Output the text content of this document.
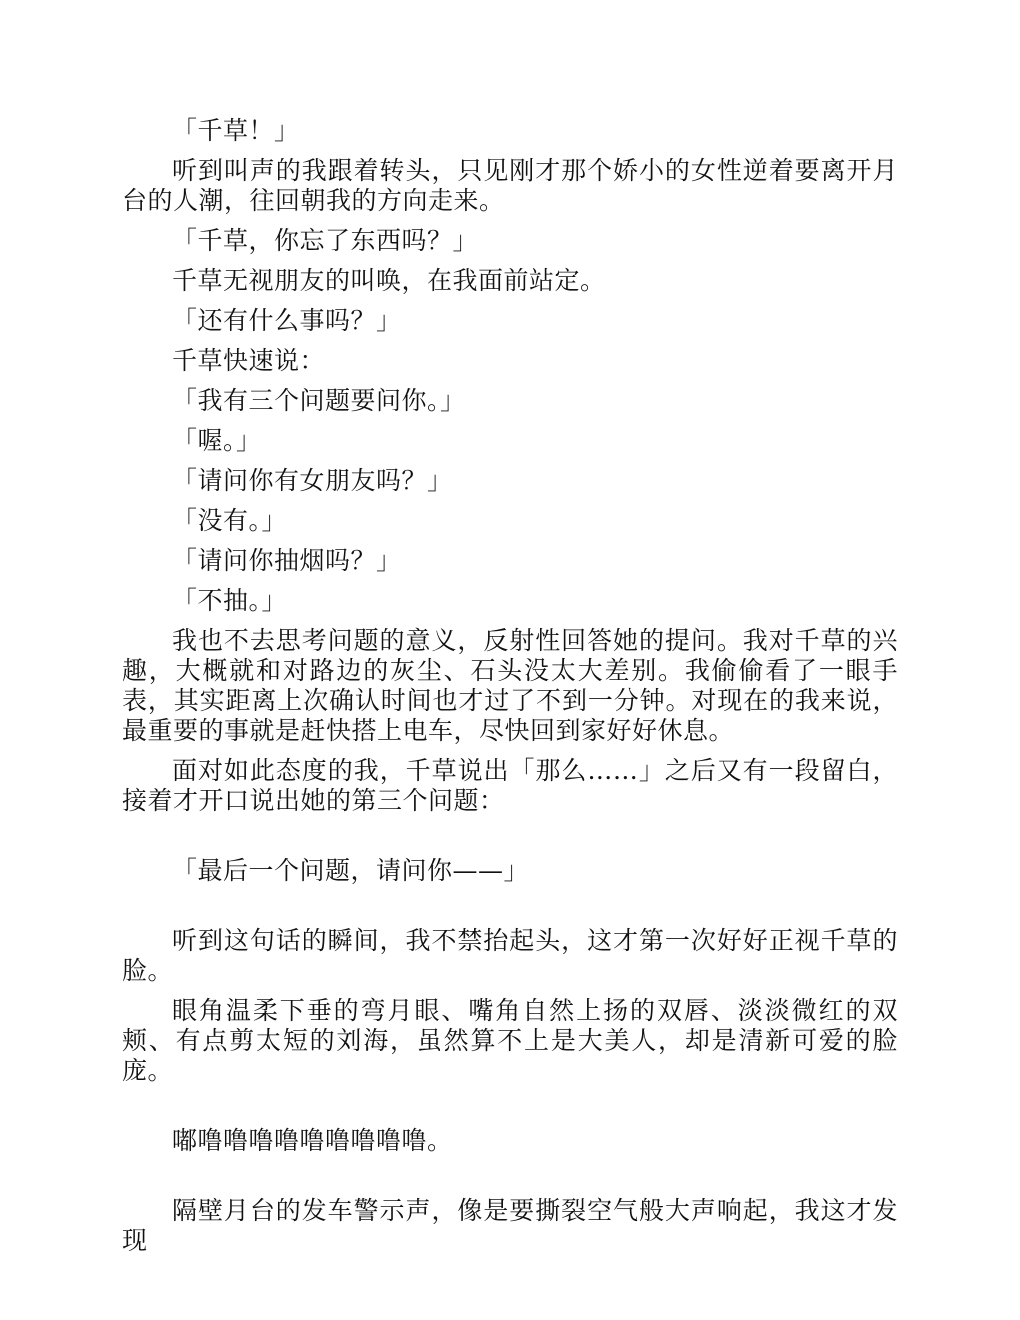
「千草！」

听到叫声的我跟着转头，只见刚才那个娇小的女性逆着要离开月台的人潮，往回朝我的方向走来。

「千草，你忘了东西吗？」

千草无视朋友的叫唤，在我面前站定。

「还有什么事吗？」

千草快速说：

「我有三个问题要问你。」

「喔。」

「请问你有女朋友吗？」

「没有。」

「请问你抽烟吗？」

「不抽。」

我也不去思考问题的意义，反射性回答她的提问。我对千草的兴趣，大概就和对路边的灰尘、石头没太大差别。我偷偷看了一眼手表，其实距离上次确认时间也才过了不到一分钟。对现在的我来说，最重要的事就是赶快搭上电车，尽快回到家好好休息。

面对如此态度的我，千草说出「那么……」之后又有一段留白，接着才开口说出她的第三个问题：

「最后一个问题，请问你——」

听到这句话的瞬间，我不禁抬起头，这才第一次好好正视千草的脸。

眼角温柔下垂的弯月眼、嘴角自然上扬的双唇、淡淡微红的双颊、有点剪太短的刘海，虽然算不上是大美人，却是清新可爱的脸庞。

嘟噜噜噜噜噜噜噜噜噜。

隔壁月台的发车警示声，像是要撕裂空气般大声响起，我这才发现
